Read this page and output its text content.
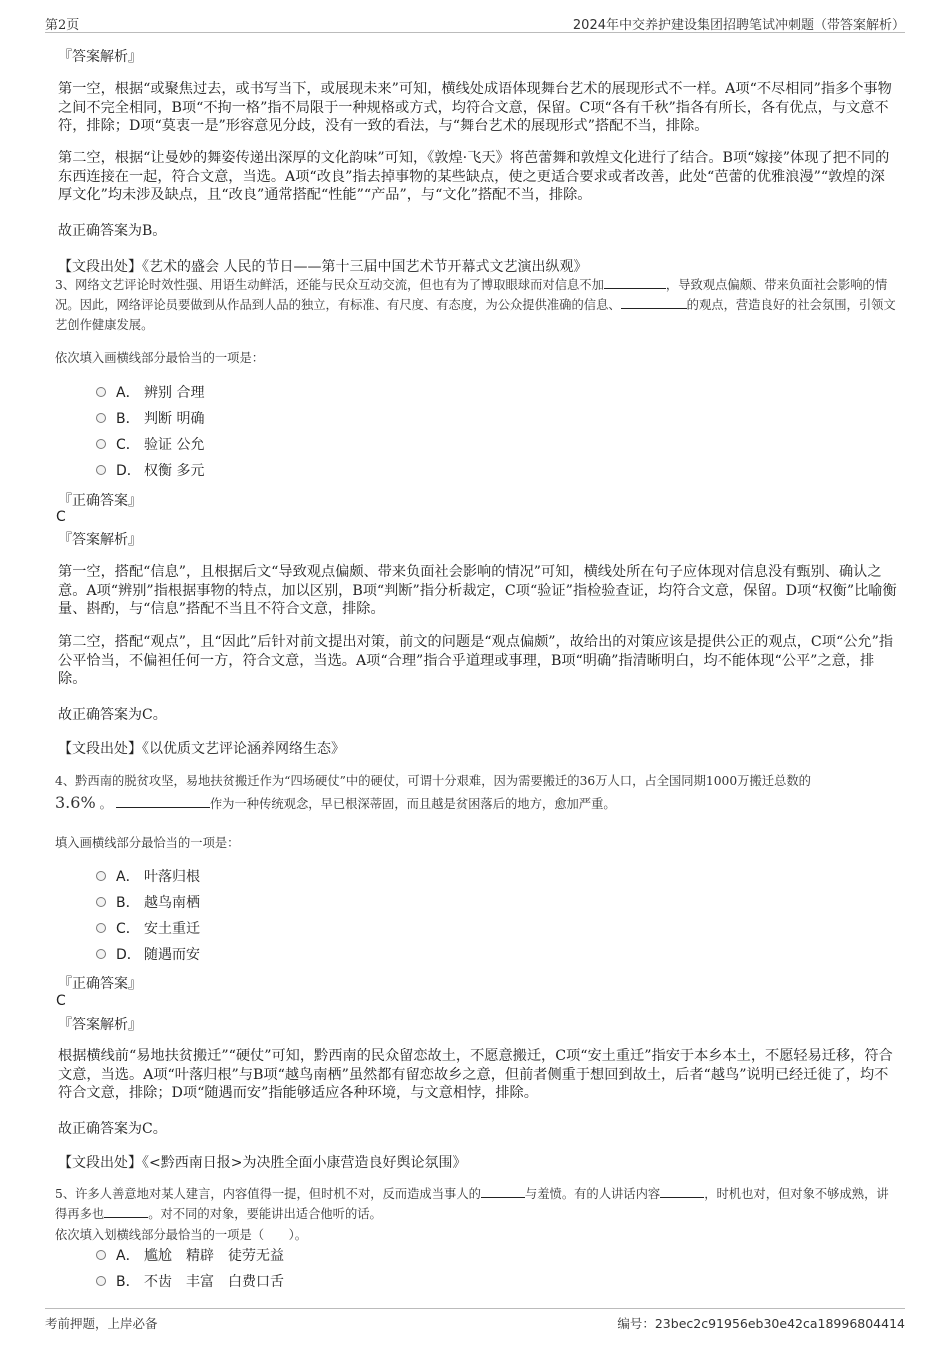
第2页	2024年中交养护建设集团招聘笔试冲刺题（带答案解析）
『答案解析』
第一空，根据“或聚焦过去，或书写当下，或展现未来”可知，横线处成语体现舞台艺术的展现形式不一样。A项“不尽相同”指多个事物之间不完全相同，B项“不拘一格”指不局限于一种规格或方式，均符合文意，保留。C项“各有千秋”指各有所长，各有优点，与文意不符，排除；D项“莫衷一是”形容意见分歧，没有一致的看法，与“舞台艺术的展现形式”搭配不当，排除。
第二空，根据“让曼妙的舞姿传递出深厚的文化韵味”可知，《敦煌·飞天》将芭蕾舞和敦煌文化进行了结合。B项“嫁接”体现了把不同的东西连接在一起，符合文意，当选。A项“改良”指去掉事物的某些缺点，使之更适合要求或者改善，此处“芭蕾的优雅浪漫”“敦煌的深厚文化”均未涉及缺点，且“改良”通常搭配“性能”“产品”，与“文化”搭配不当，排除。
故正确答案为B。
【文段出处】《艺术的盛会 人民的节日——第十三届中国艺术节开幕式文艺演出纵观》
3、网络文艺评论时效性强、用语生动鲜活，还能与民众互动交流，但也有为了博取眼球而对信息不加	，导致观点偏颇、带来负面社会影响的情况。因此，网络评论员要做到从作品到人品的独立，有标准、有尺度、有态度，为公众提供准确的信息、	的观点，营造良好的社会氛围，引领文艺创作健康发展。
依次填入画横线部分最恰当的一项是：
A． 辨别 合理
B． 判断 明确
C． 验证 公允
D． 权衡 多元
『正确答案』
C
『答案解析』
第一空，搭配“信息”，且根据后文“导致观点偏颇、带来负面社会影响的情况”可知，横线处所在句子应体现对信息没有甄别、确认之意。A项“辨别”指根据事物的特点，加以区别，B项“判断”指分析裁定，C项“验证”指检验查证，均符合文意，保留。D项“权衡”比喻衡量、斟酌，与“信息”搭配不当且不符合文意，排除。
第二空，搭配“观点”，且“因此”后针对前文提出对策，前文的问题是“观点偏颇”，故给出的对策应该是提供公正的观点，C项“公允”指公平恰当，不偏袒任何一方，符合文意，当选。A项“合理”指合乎道理或事理，B项“明确”指清晰明白，均不能体现“公平”之意，排除。
故正确答案为C。
【文段出处】《以优质文艺评论涵养网络生态》
4、黔西南的脱贫攻坚，易地扶贫搬迁作为“四场硬仗”中的硬仗，可谓十分艰难，因为需要搬迁的36万人口，占全国同期1000万搬迁总数的
3.6% 。	作为一种传统观念，早已根深蒂固，而且越是贫困落后的地方，愈加严重。
填入画横线部分最恰当的一项是：
A． 叶落归根
B． 越鸟南栖
C． 安土重迁
D． 随遇而安
『正确答案』
C
『答案解析』
根据横线前“易地扶贫搬迁”“硬仗”可知，黔西南的民众留恋故土，不愿意搬迁，C项“安土重迁”指安于本乡本土，不愿轻易迁移，符合文意，当选。A项“叶落归根”与B项“越鸟南栖”虽然都有留恋故乡之意，但前者侧重于想回到故土，后者“越鸟”说明已经迁徙了，均不符合文意，排除；D项“随遇而安”指能够适应各种环境，与文意相悖，排除。
故正确答案为C。
【文段出处】《<黔西南日报>为决胜全面小康营造良好舆论氛围》
5、许多人善意地对某人建言，内容值得一提，但时机不对，反而造成当事人的	与羞愤。有的人讲话内容	，时机也对，但对象不够成熟，讲得再多也	。对不同的对象，要能讲出适合他听的话。
依次填入划横线部分最恰当的一项是（　　）。
A． 尴尬　精辟　徒劳无益
B． 不齿　丰富　白费口舌
考前押题，上岸必备	编号：23bec2c91956eb30e42ca18996804414
